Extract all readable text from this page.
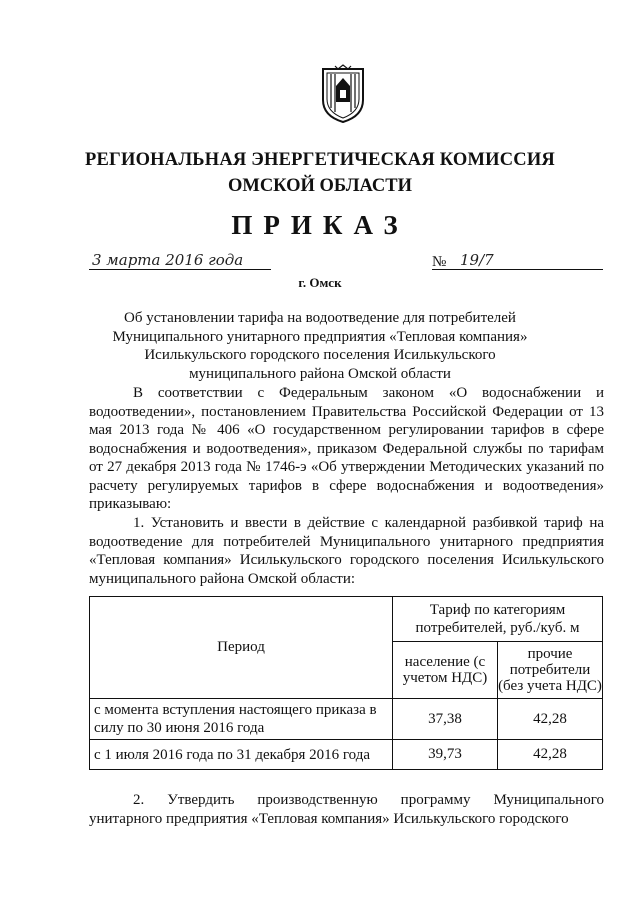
РЕГИОНАЛЬНАЯ ЭНЕРГЕТИЧЕСКАЯ КОМИССИЯ
ОМСКОЙ ОБЛАСТИ
ПРИКАЗ
3 марта 2016 года	№ 19/7
г. Омск
Об установлении тарифа на водоотведение для потребителей
Муниципального унитарного предприятия «Тепловая компания»
Исилькульского городского поселения Исилькульского
муниципального района Омской области
В соответствии с Федеральным законом «О водоснабжении и водоотведении», постановлением Правительства Российской Федерации от 13 мая 2013 года № 406 «О государственном регулировании тарифов в сфере водоснабжения и водоотведения», приказом Федеральной службы по тарифам от 27 декабря 2013 года № 1746-э «Об утверждении Методических указаний по расчету регулируемых тарифов в сфере водоснабжения и водоотведения» приказываю:
1. Установить и ввести в действие с календарной разбивкой тариф на водоотведение для потребителей Муниципального унитарного предприятия «Тепловая компания» Исилькульского городского поселения Исилькульского муниципального района Омской области:
Период	Тариф по категориям потребителей, руб./куб. м	
	население (с учетом НДС)	прочие потребители (без учета НДС)
с момента вступления настоящего приказа в силу по 30 июня 2016 года	37,38	42,28
с 1 июля 2016 года по 31 декабря 2016 года	39,73	42,28
2. Утвердить производственную программу Муниципального унитарного предприятия «Тепловая компания» Исилькульского городского
